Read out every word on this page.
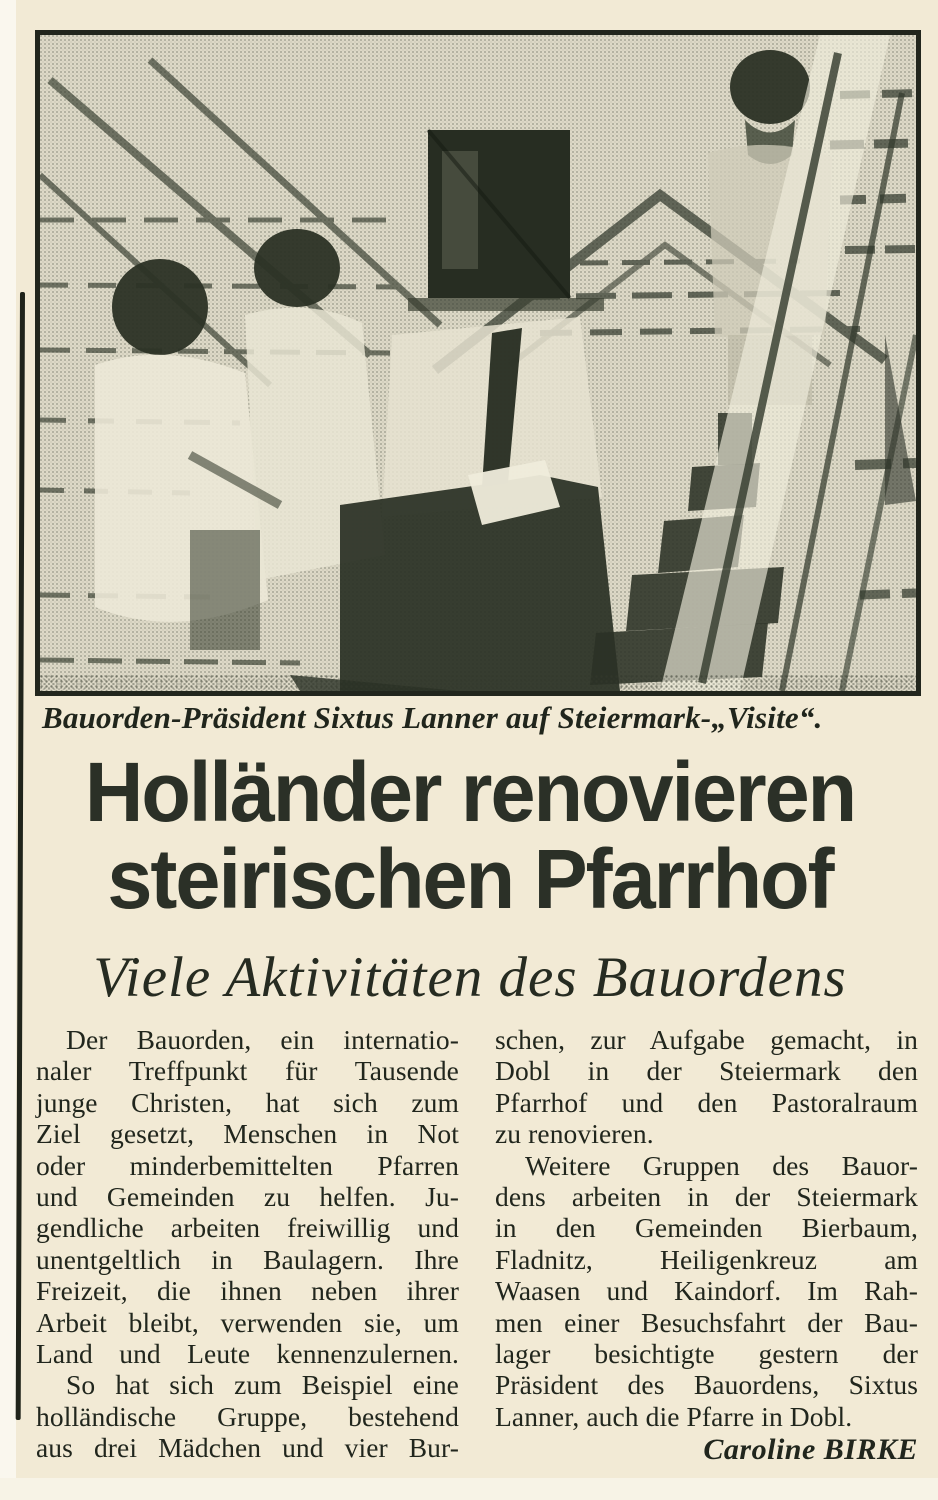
Bauorden-Präsident Sixtus Lanner auf Steiermark-„Visite“.
Holländer renovieren
steirischen Pfarrhof
Viele Aktivitäten des Bauordens
Der Bauorden, ein internatio-
naler Treffpunkt für Tausende
junge Christen, hat sich zum
Ziel gesetzt, Menschen in Not
oder minderbemittelten Pfarren
und Gemeinden zu helfen. Ju-
gendliche arbeiten freiwillig und
unentgeltlich in Baulagern. Ihre
Freizeit, die ihnen neben ihrer
Arbeit bleibt, verwenden sie, um
Land und Leute kennenzulernen.
So hat sich zum Beispiel eine
holländische Gruppe, bestehend
aus drei Mädchen und vier Bur-
schen, zur Aufgabe gemacht, in
Dobl in der Steiermark den
Pfarrhof und den Pastoralraum
zu renovieren.
Weitere Gruppen des Bauor-
dens arbeiten in der Steiermark
in den Gemeinden Bierbaum,
Fladnitz, Heiligenkreuz am
Waasen und Kaindorf. Im Rah-
men einer Besuchsfahrt der Bau-
lager besichtigte gestern der
Präsident des Bauordens, Sixtus
Lanner, auch die Pfarre in Dobl.
Caroline BIRKE
